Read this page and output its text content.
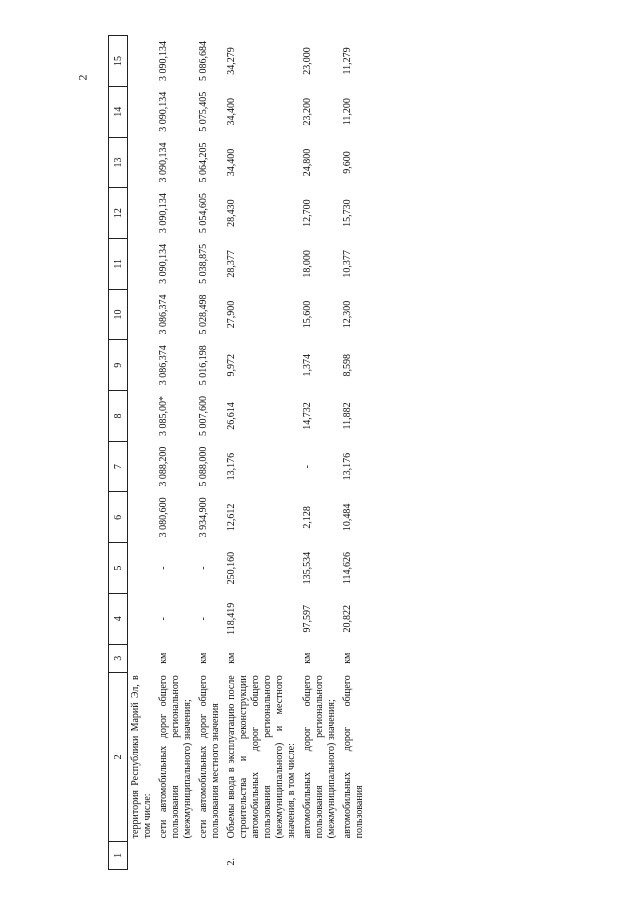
2
1	2	3	4	5	6	7	8	9	10	11	12	13	14	15
	территория Республики Марий Эл, в том числе:													
	сети автомобильных дорог общего пользования регионального (межмуниципального) значения;	км	-	-	3 080,600	3 088,200	3 085,00*	3 086,374	3 086,374	3 090,134	3 090,134	3 090,134	3 090,134	3 090,134
	сети автомобильных дорог общего пользования местного значения	км	-	-	3 934,900	5 088,000	5 007,600	5 016,198	5 028,498	5 038,875	5 054,605	5 064,205	5 075,405	5 086,684
2.	Объемы ввода в эксплуатацию после строительства и реконструкции автомобильных дорог общего пользования регионального (межмуниципального) и местного значения, в том числе:	км	118,419	250,160	12,612	13,176	26,614	9,972	27,900	28,377	28,430	34,400	34,400	34,279
	автомобильных дорог общего пользования регионального (межмуниципального) значения;	км	97,597	135,534	2,128	-	14,732	1,374	15,600	18,000	12,700	24,800	23,200	23,000
	автомобильных дорог общего пользования	км	20,822	114,626	10,484	13,176	11,882	8,598	12,300	10,377	15,730	9,600	11,200	11,279
